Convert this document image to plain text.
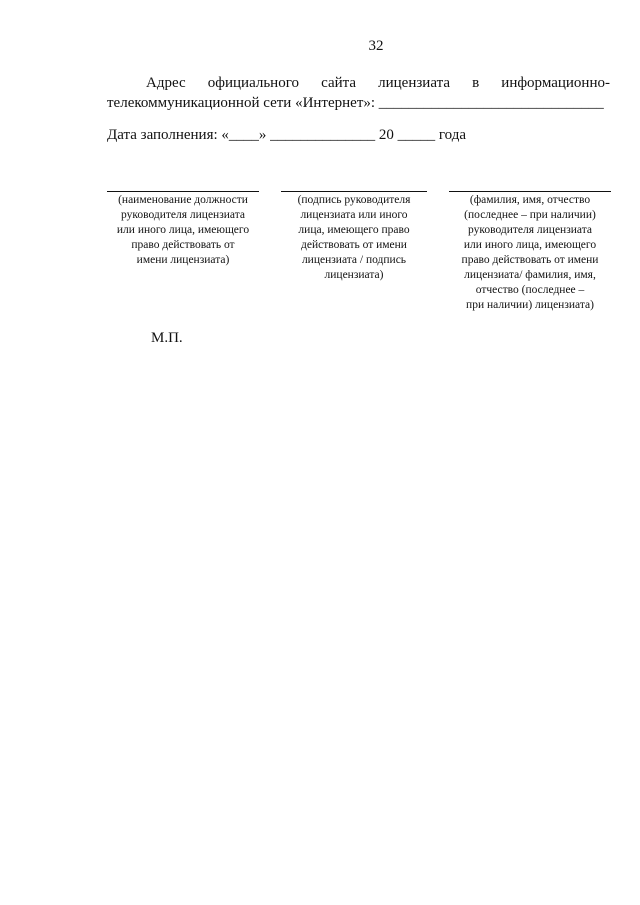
32
Адрес официального сайта лицензиата в информационно-
телекоммуникационной сети «Интернет»: ______________________________
Дата заполнения: «____» ______________ 20 _____ года
(наименование должности
руководителя лицензиата
или иного лица, имеющего
право действовать от
имени лицензиата)
(подпись руководителя
лицензиата или иного
лица, имеющего право
действовать от имени
лицензиата / подпись
лицензиата)
(фамилия, имя, отчество
(последнее – при наличии)
руководителя лицензиата
или иного лица, имеющего
право действовать от имени
лицензиата/ фамилия, имя,
отчество (последнее –
при наличии) лицензиата)
М.П.
